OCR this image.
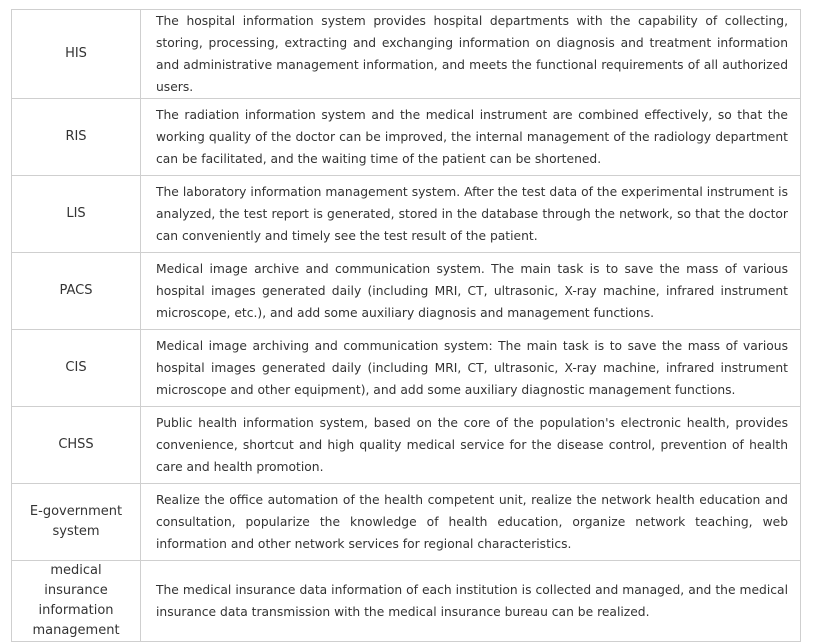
HIS	The hospital information system provides hospital departments with the capability of collecting, storing, processing, extracting and exchanging information on diagnosis and treatment information and administrative management information, and meets the functional requirements of all authorized users.
RIS	The radiation information system and the medical instrument are combined effectively, so that the working quality of the doctor can be improved, the internal management of the radiology department can be facilitated, and the waiting time of the patient can be shortened.
LIS	The laboratory information management system. After the test data of the experimental instrument is analyzed, the test report is generated, stored in the database through the network, so that the doctor can conveniently and timely see the test result of the patient.
PACS	Medical image archive and communication system. The main task is to save the mass of various hospital images generated daily (including MRI, CT, ultrasonic, X-ray machine, infrared instrument microscope, etc.), and add some auxiliary diagnosis and management functions.
CIS	Medical image archiving and communication system: The main task is to save the mass of various hospital images generated daily (including MRI, CT, ultrasonic, X-ray machine, infrared instrument microscope and other equipment), and add some auxiliary diagnostic management functions.
CHSS	Public health information system, based on the core of the population's electronic health, provides convenience, shortcut and high quality medical service for the disease control, prevention of health care and health promotion.
E-government system	Realize the office automation of the health competent unit, realize the network health education and consultation, popularize the knowledge of health education, organize network teaching, web information and other network services for regional characteristics.
medical insurance information management	The medical insurance data information of each institution is collected and managed, and the medical insurance data transmission with the medical insurance bureau can be realized.
